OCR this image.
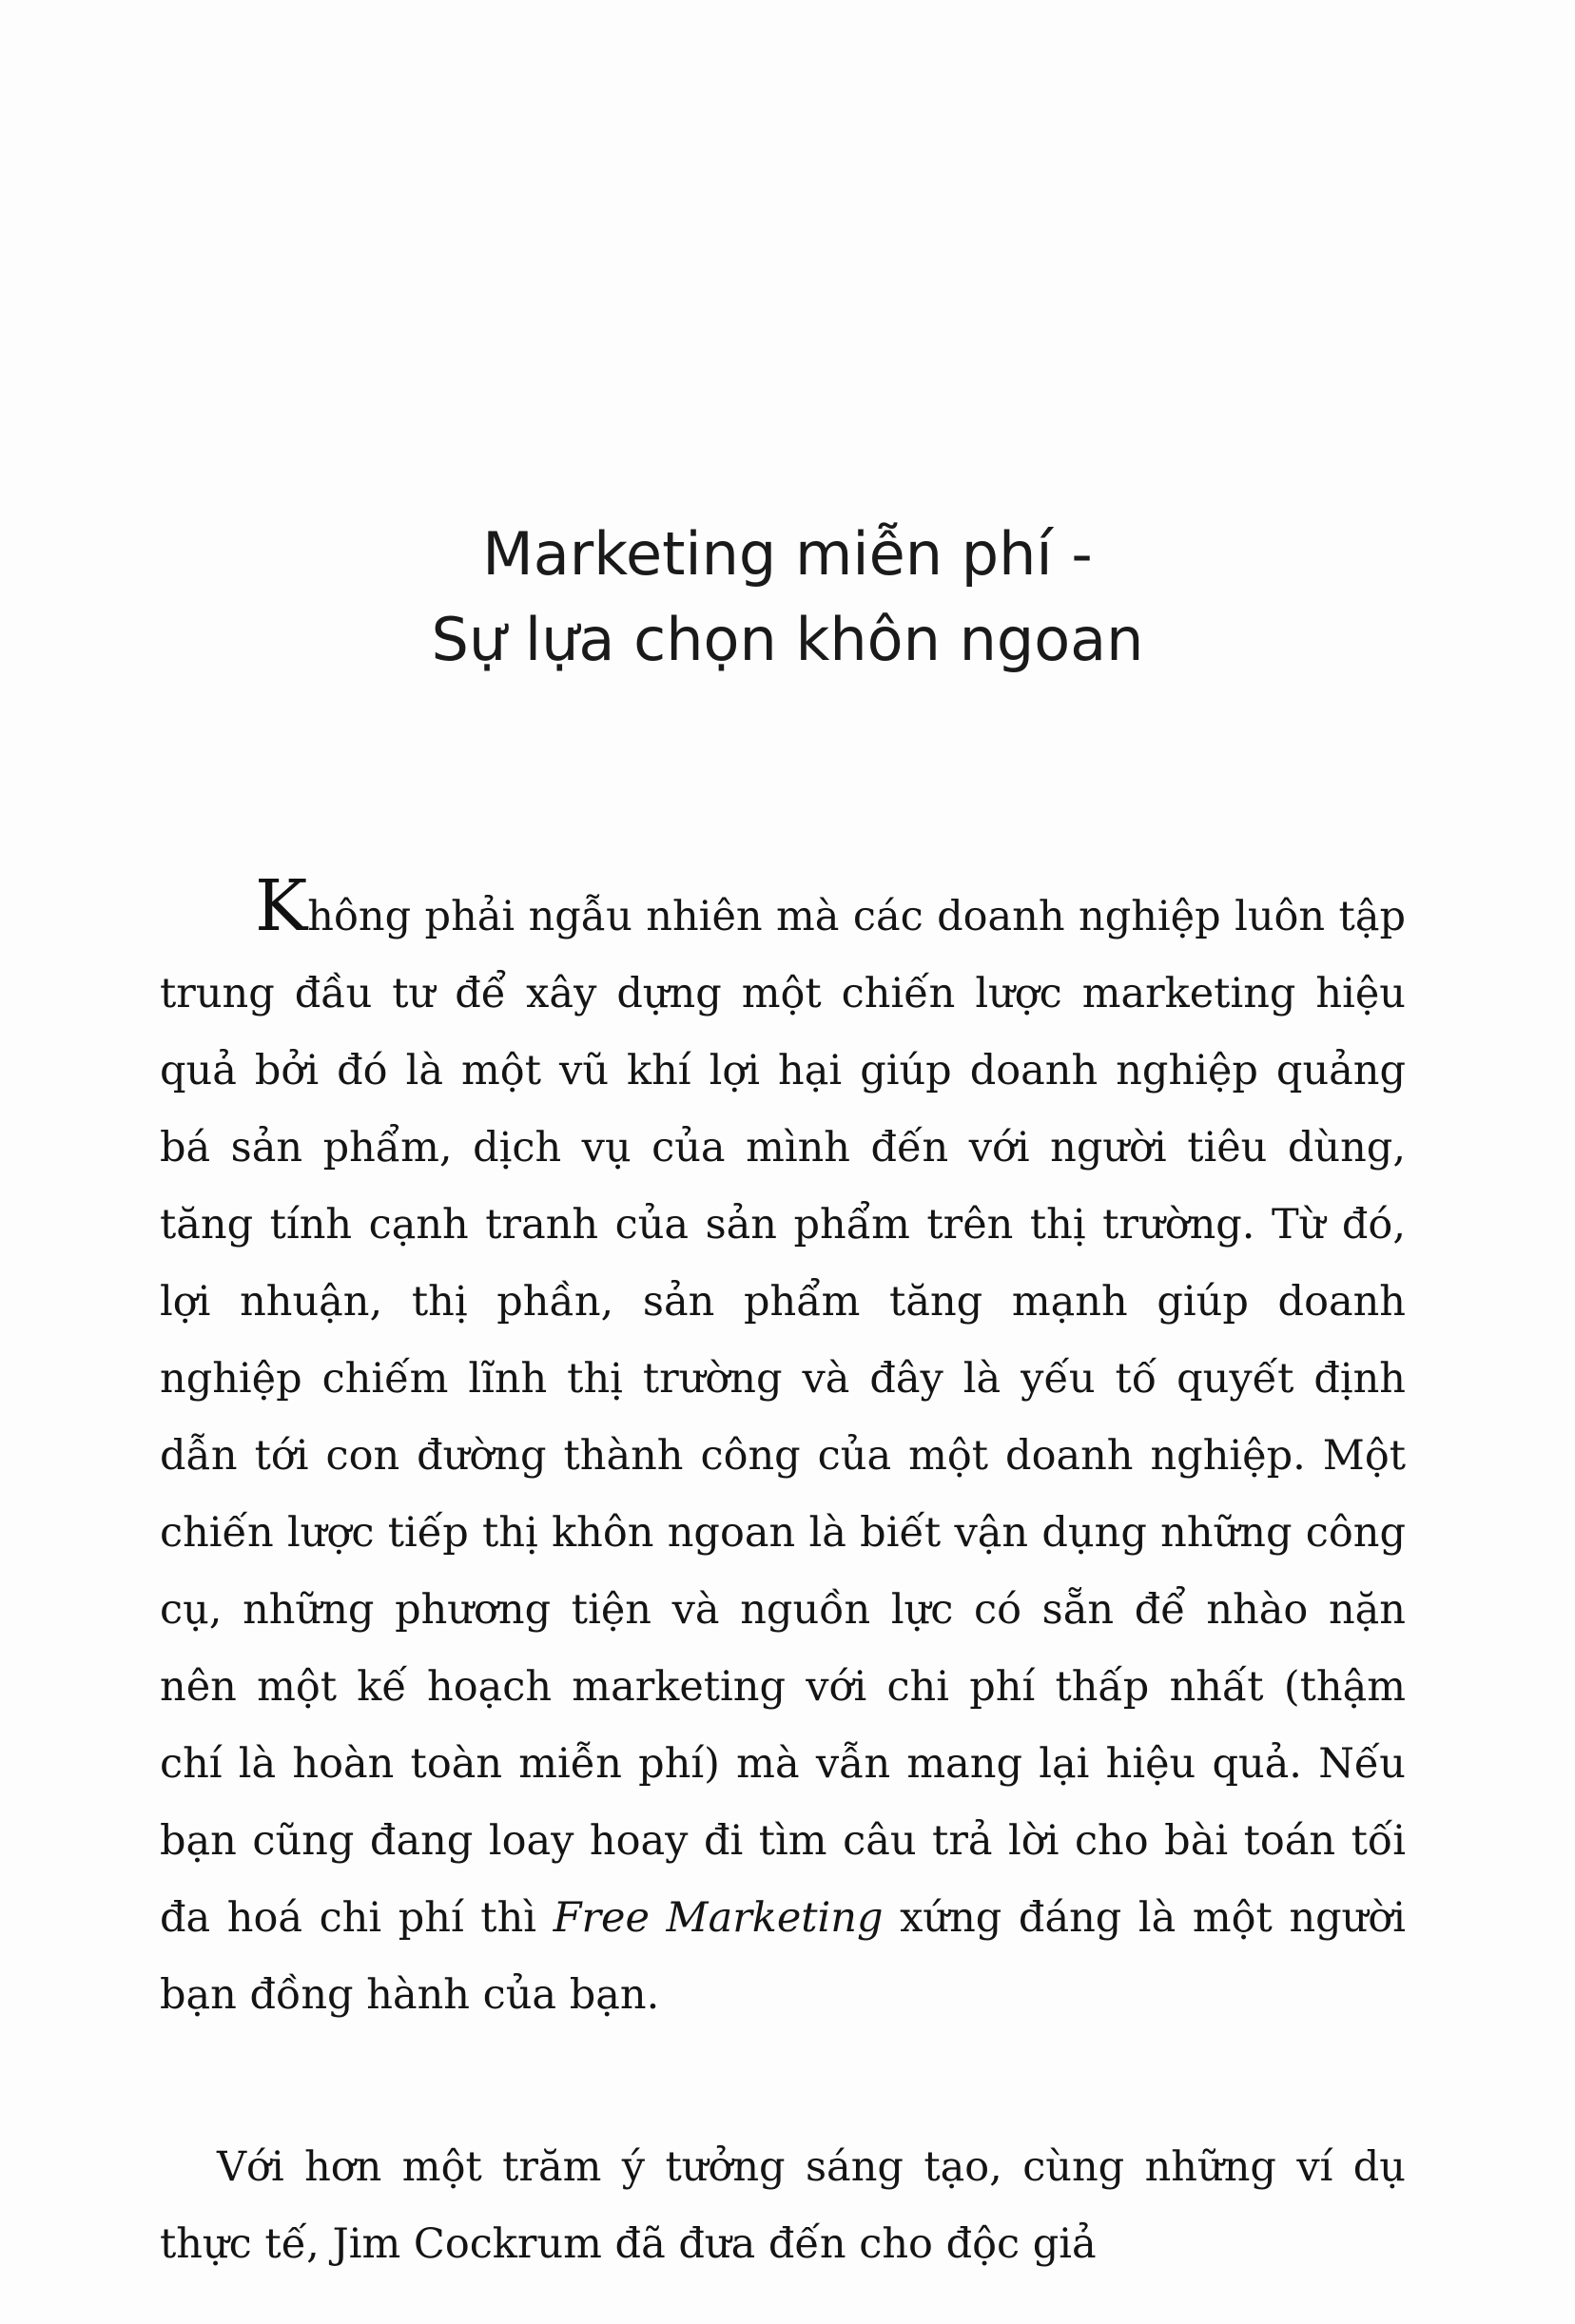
Marketing miễn phí -
Sự lựa chọn khôn ngoan

Không phải ngẫu nhiên mà các doanh nghiệp luôn tập trung đầu tư để xây dựng một chiến lược marketing hiệu quả bởi đó là một vũ khí lợi hại giúp doanh nghiệp quảng bá sản phẩm, dịch vụ của mình đến với người tiêu dùng, tăng tính cạnh tranh của sản phẩm trên thị trường. Từ đó, lợi nhuận, thị phần, sản phẩm tăng mạnh giúp doanh nghiệp chiếm lĩnh thị trường và đây là yếu tố quyết định dẫn tới con đường thành công của một doanh nghiệp. Một chiến lược tiếp thị khôn ngoan là biết vận dụng những công cụ, những phương tiện và nguồn lực có sẵn để nhào nặn nên một kế hoạch marketing với chi phí thấp nhất (thậm chí là hoàn toàn miễn phí) mà vẫn mang lại hiệu quả. Nếu bạn cũng đang loay hoay đi tìm câu trả lời cho bài toán tối đa hoá chi phí thì Free Marketing xứng đáng là một người bạn đồng hành của bạn.

Với hơn một trăm ý tưởng sáng tạo, cùng những ví dụ thực tế, Jim Cockrum đã đưa đến cho độc giả
